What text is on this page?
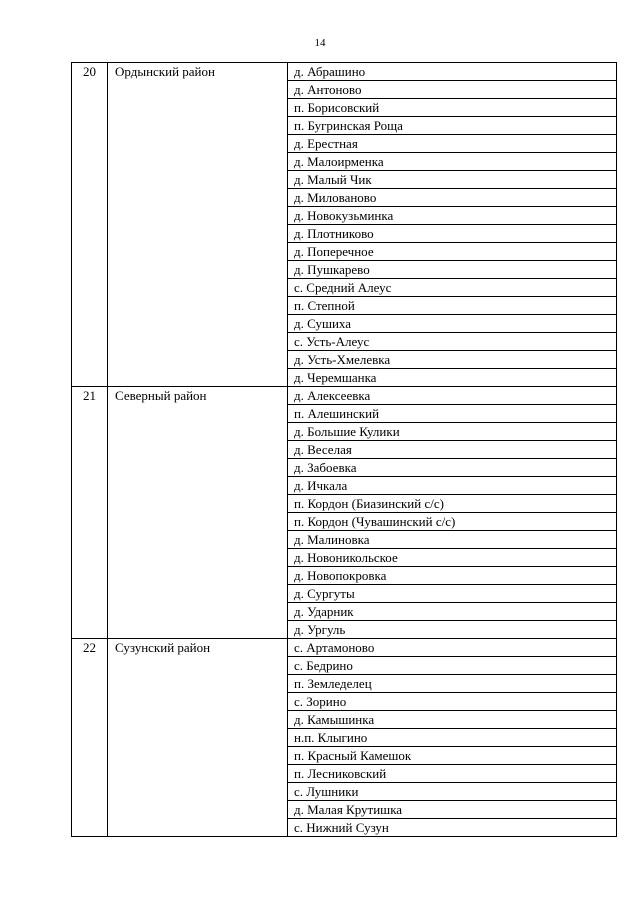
14
20	Ордынский район	д. Абрашино
		д. Антоново
		п. Борисовский
		п. Бугринская Роща
		д. Ерестная
		д. Малоирменка
		д. Малый Чик
		д. Милованово
		д. Новокузьминка
		д. Плотниково
		д. Поперечное
		д. Пушкарево
		с. Средний Алеус
		п. Степной
		д. Сушиха
		с. Усть-Алеус
		д. Усть-Хмелевка
		д. Черемшанка
21	Северный район	д. Алексеевка
		п. Алешинский
		д. Большие Кулики
		д. Веселая
		д. Забоевка
		д. Ичкала
		п. Кордон (Биазинский с/с)
		п. Кордон (Чувашинский с/с)
		д. Малиновка
		д. Новоникольское
		д. Новопокровка
		д. Сургуты
		д. Ударник
		д. Ургуль
22	Сузунский район	с. Артамоново
		с. Бедрино
		п. Земледелец
		с. Зорино
		д. Камышинка
		н.п. Клыгино
		п. Красный Камешок
		п. Лесниковский
		с. Лушники
		д. Малая Крутишка
		с. Нижний Сузун
